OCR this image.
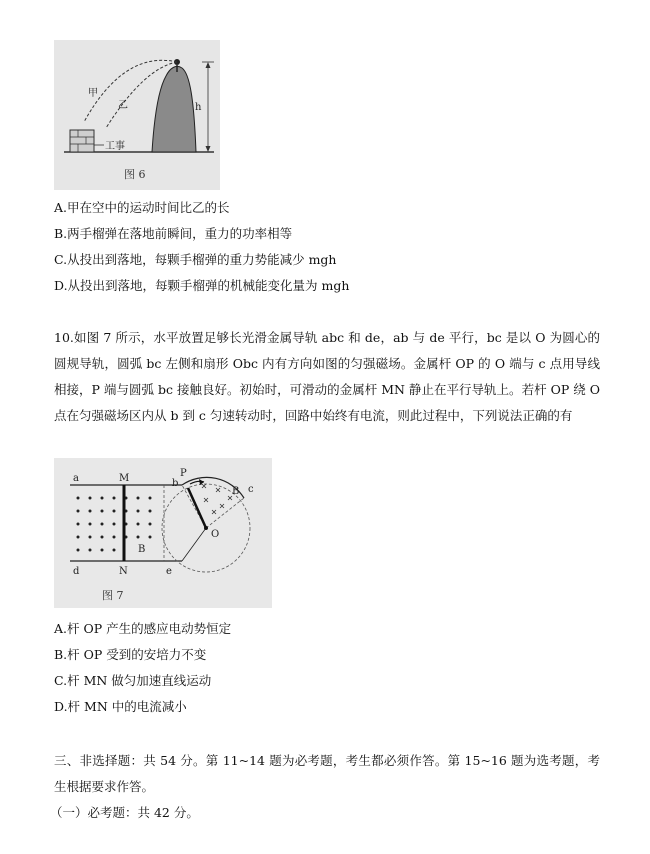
h
甲
乙
工事
图 6
A.甲在空中的运动时间比乙的长
B.两手榴弹在落地前瞬间，重力的功率相等
C.从投出到落地，每颗手榴弹的重力势能减少 mgh
D.从投出到落地，每颗手榴弹的机械能变化量为 mgh
10.如图 7 所示，水平放置足够长光滑金属导轨 abc 和 de，ab 与 de 平行，bc 是以 O 为圆心的圆规导轨，圆弧 bc 左侧和扇形 Obc 内有方向如图的匀强磁场。金属杆 OP 的 O 端与 c 点用导线相接，P 端与圆弧 bc 接触良好。初始时，可滑动的金属杆 MN 静止在平行导轨上。若杆 OP 绕 O 点在匀强磁场区内从 b 到 c 匀速转动时，回路中始终有电流，则此过程中，下列说法正确的有
a	M	b
P
B c
B
O
d	N	e
图 7
A.杆 OP 产生的感应电动势恒定
B.杆 OP 受到的安培力不变
C.杆 MN 做匀加速直线运动
D.杆 MN 中的电流减小
三、非选择题：共 54 分。第 11~14 题为必考题，考生都必须作答。第 15~16 题为选考题，考生根据要求作答。
（一）必考题：共 42 分。
